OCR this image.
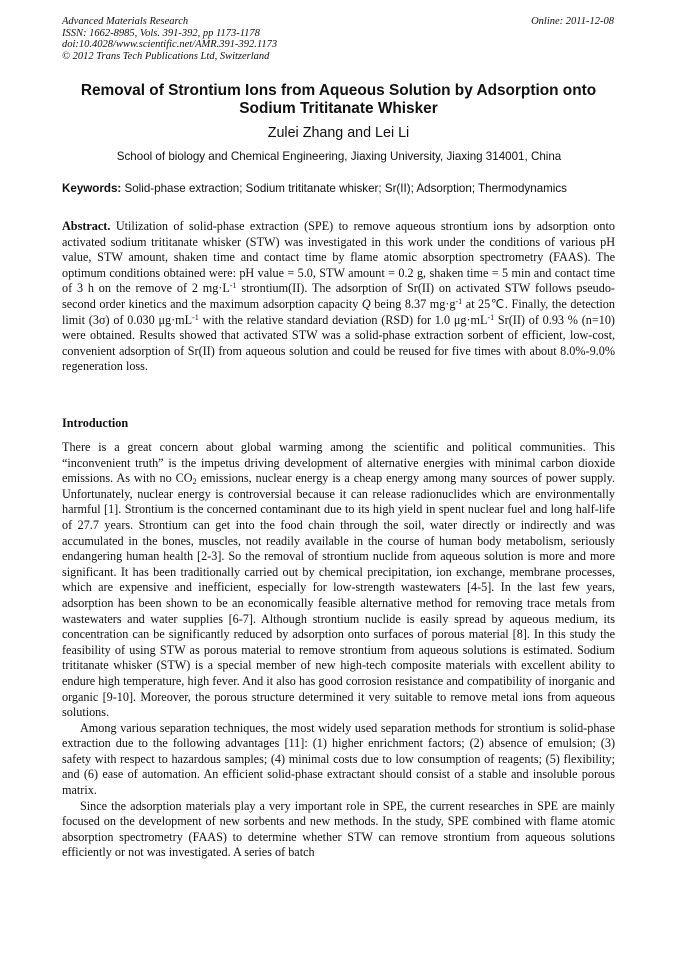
Advanced Materials Research
ISSN: 1662-8985, Vols. 391-392, pp 1173-1178
doi:10.4028/www.scientific.net/AMR.391-392.1173
© 2012 Trans Tech Publications Ltd, Switzerland
Online: 2011-12-08
Removal of Strontium Ions from Aqueous Solution by Adsorption onto Sodium Trititanate Whisker
Zulei Zhang and Lei Li
School of biology and Chemical Engineering, Jiaxing University, Jiaxing 314001, China
Keywords: Solid-phase extraction; Sodium trititanate whisker; Sr(II); Adsorption; Thermodynamics
Abstract. Utilization of solid-phase extraction (SPE) to remove aqueous strontium ions by adsorption onto activated sodium trititanate whisker (STW) was investigated in this work under the conditions of various pH value, STW amount, shaken time and contact time by flame atomic absorption spectrometry (FAAS). The optimum conditions obtained were: pH value = 5.0, STW amount = 0.2 g, shaken time = 5 min and contact time of 3 h on the remove of 2 $mg\cdot L^{-1}$ strontium(II). The adsorption of Sr(II) on activated STW follows pseudo-second order kinetics and the maximum adsorption capacity Q being 8.37 $mg\cdot g^{-1}$ at 25℃. Finally, the detection limit (3σ) of 0.030 $\mu g\cdot mL^{-1}$ with the relative standard deviation (RSD) for 1.0 $\mu g\cdot mL^{-1}$ Sr(II) of 0.93 % (n=10) were obtained. Results showed that activated STW was a solid-phase extraction sorbent of efficient, low-cost, convenient adsorption of Sr(II) from aqueous solution and could be reused for five times with about 8.0%-9.0% regeneration loss.
Introduction

There is a great concern about global warming among the scientific and political communities. This “inconvenient truth” is the impetus driving development of alternative energies with minimal carbon dioxide emissions. As with no $CO_2$ emissions, nuclear energy is a cheap energy among many sources of power supply. Unfortunately, nuclear energy is controversial because it can release radionuclides which are environmentally harmful [1]. Strontium is the concerned contaminant due to its high yield in spent nuclear fuel and long half-life of 27.7 years. Strontium can get into the food chain through the soil, water directly or indirectly and was accumulated in the bones, muscles, not readily available in the course of human body metabolism, seriously endangering human health [2-3]. So the removal of strontium nuclide from aqueous solution is more and more significant. It has been traditionally carried out by chemical precipitation, ion exchange, membrane processes, which are expensive and inefficient, especially for low-strength wastewaters [4-5]. In the last few years, adsorption has been shown to be an economically feasible alternative method for removing trace metals from wastewaters and water supplies [6-7]. Although strontium nuclide is easily spread by aqueous medium, its concentration can be significantly reduced by adsorption onto surfaces of porous material [8]. In this study the feasibility of using STW as porous material to remove strontium from aqueous solutions is estimated. Sodium trititanate whisker (STW) is a special member of new high-tech composite materials with excellent ability to endure high temperature, high fever. And it also has good corrosion resistance and compatibility of inorganic and organic [9-10]. Moreover, the porous structure determined it very suitable to remove metal ions from aqueous solutions.

Among various separation techniques, the most widely used separation methods for strontium is solid-phase extraction due to the following advantages [11]: (1) higher enrichment factors; (2) absence of emulsion; (3) safety with respect to hazardous samples; (4) minimal costs due to low consumption of reagents; (5) flexibility; and (6) ease of automation. An efficient solid-phase extractant should consist of a stable and insoluble porous matrix.

Since the adsorption materials play a very important role in SPE, the current researches in SPE are mainly focused on the development of new sorbents and new methods. In the study, SPE combined with flame atomic absorption spectrometry (FAAS) to determine whether STW can remove strontium from aqueous solutions efficiently or not was investigated. A series of batch
